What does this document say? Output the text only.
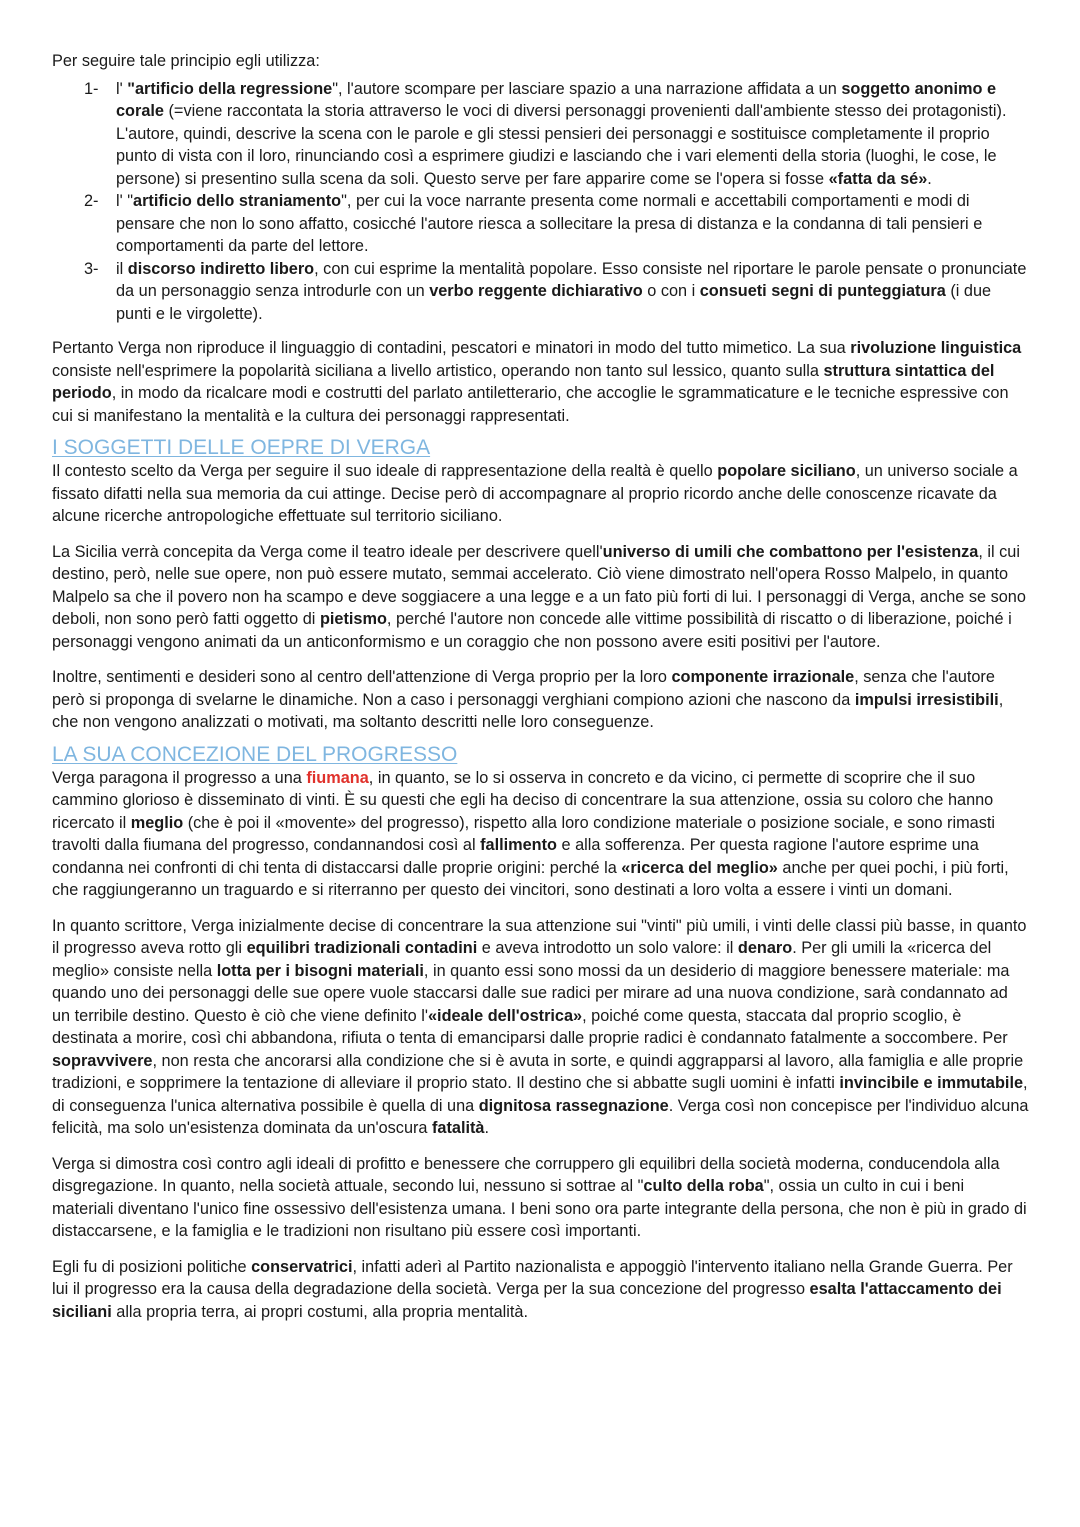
Per seguire tale principio egli utilizza:

1- l' "artificio della regressione", l'autore scompare per lasciare spazio a una narrazione affidata a un soggetto anonimo e corale (=viene raccontata la storia attraverso le voci di diversi personaggi provenienti dall'ambiente stesso dei protagonisti). L'autore, quindi, descrive la scena con le parole e gli stessi pensieri dei personaggi e sostituisce completamente il proprio punto di vista con il loro, rinunciando così a esprimere giudizi e lasciando che i vari elementi della storia (luoghi, le cose, le persone) si presentino sulla scena da soli. Questo serve per fare apparire come se l'opera si fosse «fatta da sé».
2- l' "artificio dello straniamento", per cui la voce narrante presenta come normali e accettabili comportamenti e modi di pensare che non lo sono affatto, cosicché l'autore riesca a sollecitare la presa di distanza e la condanna di tali pensieri e comportamenti da parte del lettore.
3- il discorso indiretto libero, con cui esprime la mentalità popolare. Esso consiste nel riportare le parole pensate o pronunciate da un personaggio senza introdurle con un verbo reggente dichiarativo o con i consueti segni di punteggiatura (i due punti e le virgolette).

Pertanto Verga non riproduce il linguaggio di contadini, pescatori e minatori in modo del tutto mimetico. La sua rivoluzione linguistica consiste nell'esprimere la popolarità siciliana a livello artistico, operando non tanto sul lessico, quanto sulla struttura sintattica del periodo, in modo da ricalcare modi e costrutti del parlato antiletterario, che accoglie le sgrammaticature e le tecniche espressive con cui si manifestano la mentalità e la cultura dei personaggi rappresentati.

I SOGGETTI DELLE OEPRE DI VERGA

Il contesto scelto da Verga per seguire il suo ideale di rappresentazione della realtà è quello popolare siciliano, un universo sociale a fissato difatti nella sua memoria da cui attinge. Decise però di accompagnare al proprio ricordo anche delle conoscenze ricavate da alcune ricerche antropologiche effettuate sul territorio siciliano.

La Sicilia verrà concepita da Verga come il teatro ideale per descrivere quell'universo di umili che combattono per l'esistenza, il cui destino, però, nelle sue opere, non può essere mutato, semmai accelerato. Ciò viene dimostrato nell'opera Rosso Malpelo, in quanto Malpelo sa che il povero non ha scampo e deve soggiacere a una legge e a un fato più forti di lui. I personaggi di Verga, anche se sono deboli, non sono però fatti oggetto di pietismo, perché l'autore non concede alle vittime possibilità di riscatto o di liberazione, poiché i personaggi vengono animati da un anticonformismo e un coraggio che non possono avere esiti positivi per l'autore.

Inoltre, sentimenti e desideri sono al centro dell'attenzione di Verga proprio per la loro componente irrazionale, senza che l'autore però si proponga di svelarne le dinamiche. Non a caso i personaggi verghiani compiono azioni che nascono da impulsi irresistibili, che non vengono analizzati o motivati, ma soltanto descritti nelle loro conseguenze.

LA SUA CONCEZIONE DEL PROGRESSO

Verga paragona il progresso a una fiumana, in quanto, se lo si osserva in concreto e da vicino, ci permette di scoprire che il suo cammino glorioso è disseminato di vinti. È su questi che egli ha deciso di concentrare la sua attenzione, ossia su coloro che hanno ricercato il meglio (che è poi il «movente» del progresso), rispetto alla loro condizione materiale o posizione sociale, e sono rimasti travolti dalla fiumana del progresso, condannandosi così al fallimento e alla sofferenza. Per questa ragione l'autore esprime una condanna nei confronti di chi tenta di distaccarsi dalle proprie origini: perché la «ricerca del meglio» anche per quei pochi, i più forti, che raggiungeranno un traguardo e si riterranno per questo dei vincitori, sono destinati a loro volta a essere i vinti un domani.

In quanto scrittore, Verga inizialmente decise di concentrare la sua attenzione sui "vinti" più umili, i vinti delle classi più basse, in quanto il progresso aveva rotto gli equilibri tradizionali contadini e aveva introdotto un solo valore: il denaro. Per gli umili la «ricerca del meglio» consiste nella lotta per i bisogni materiali, in quanto essi sono mossi da un desiderio di maggiore benessere materiale: ma quando uno dei personaggi delle sue opere vuole staccarsi dalle sue radici per mirare ad una nuova condizione, sarà condannato ad un terribile destino. Questo è ciò che viene definito l'«ideale dell'ostrica», poiché come questa, staccata dal proprio scoglio, è destinata a morire, così chi abbandona, rifiuta o tenta di emanciparsi dalle proprie radici è condannato fatalmente a soccombere. Per sopravvivere, non resta che ancorarsi alla condizione che si è avuta in sorte, e quindi aggrapparsi al lavoro, alla famiglia e alle proprie tradizioni, e sopprimere la tentazione di alleviare il proprio stato. Il destino che si abbatte sugli uomini è infatti invincibile e immutabile, di conseguenza l'unica alternativa possibile è quella di una dignitosa rassegnazione. Verga così non concepisce per l'individuo alcuna felicità, ma solo un'esistenza dominata da un'oscura fatalità.

Verga si dimostra così contro agli ideali di profitto e benessere che corruppero gli equilibri della società moderna, conducendola alla disgregazione. In quanto, nella società attuale, secondo lui, nessuno si sottrae al "culto della roba", ossia un culto in cui i beni materiali diventano l'unico fine ossessivo dell'esistenza umana. I beni sono ora parte integrante della persona, che non è più in grado di distaccarsene, e la famiglia e le tradizioni non risultano più essere così importanti.

Egli fu di posizioni politiche conservatrici, infatti aderì al Partito nazionalista e appoggiò l'intervento italiano nella Grande Guerra. Per lui il progresso era la causa della degradazione della società. Verga per la sua concezione del progresso esalta l'attaccamento dei siciliani alla propria terra, ai propri costumi, alla propria mentalità.
